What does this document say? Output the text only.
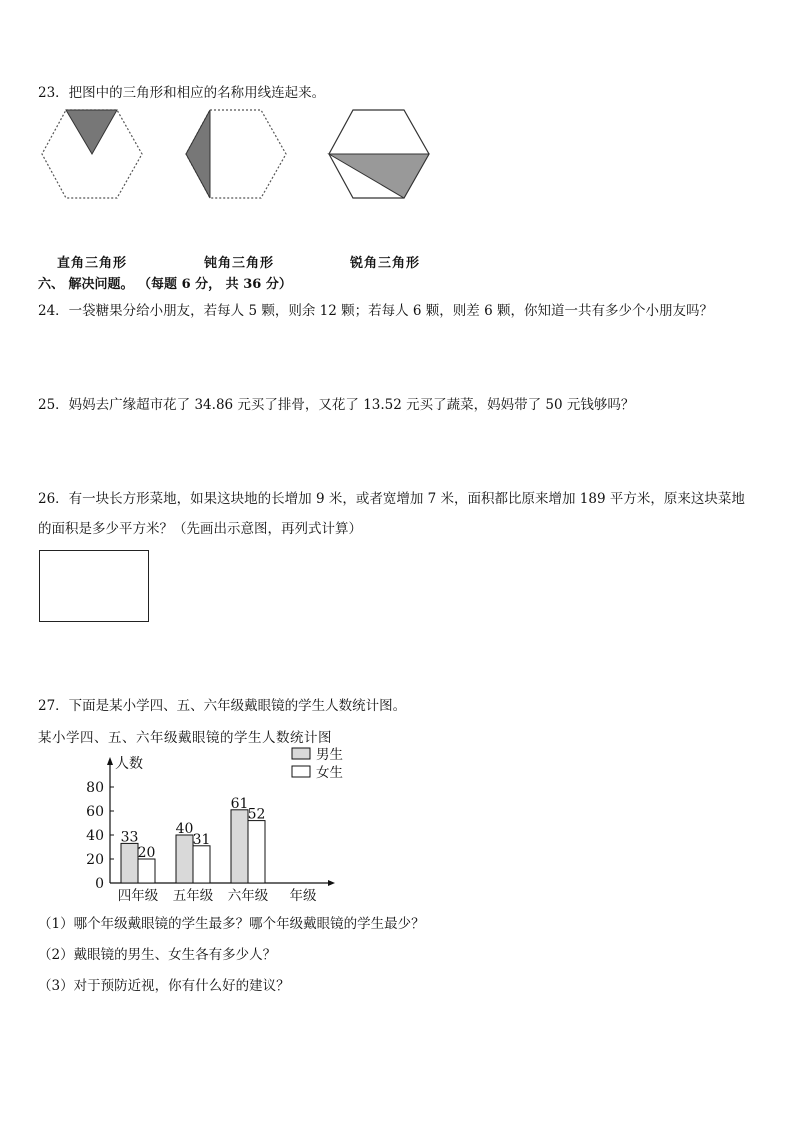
23．把图中的三角形和相应的名称用线连起来。
直角三角形	钝角三角形	锐角三角形
六、 解决问题。 （每题 6 分， 共 36 分）
24．一袋糖果分给小朋友，若每人 5 颗，则余 12 颗；若每人 6 颗，则差 6 颗，你知道一共有多少个小朋友吗？
25．妈妈去广缘超市花了 34.86 元买了排骨，又花了 13.52 元买了蔬菜，妈妈带了 50 元钱够吗？
26．有一块长方形菜地，如果这块地的长增加 9 米，或者宽增加 7 米，面积都比原来增加 189 平方米，原来这块菜地
的面积是多少平方米？（先画出示意图，再列式计算）
27．下面是某小学四、五、六年级戴眼镜的学生人数统计图。
某小学四、五、六年级戴眼镜的学生人数统计图
0
20
40
60
80
人数
33
20
四年级
40
31
五年级
61
52
六年级 年级
男生
女生
（1）哪个年级戴眼镜的学生最多？哪个年级戴眼镜的学生最少？
（2）戴眼镜的男生、女生各有多少人？
（3）对于预防近视，你有什么好的建议？
